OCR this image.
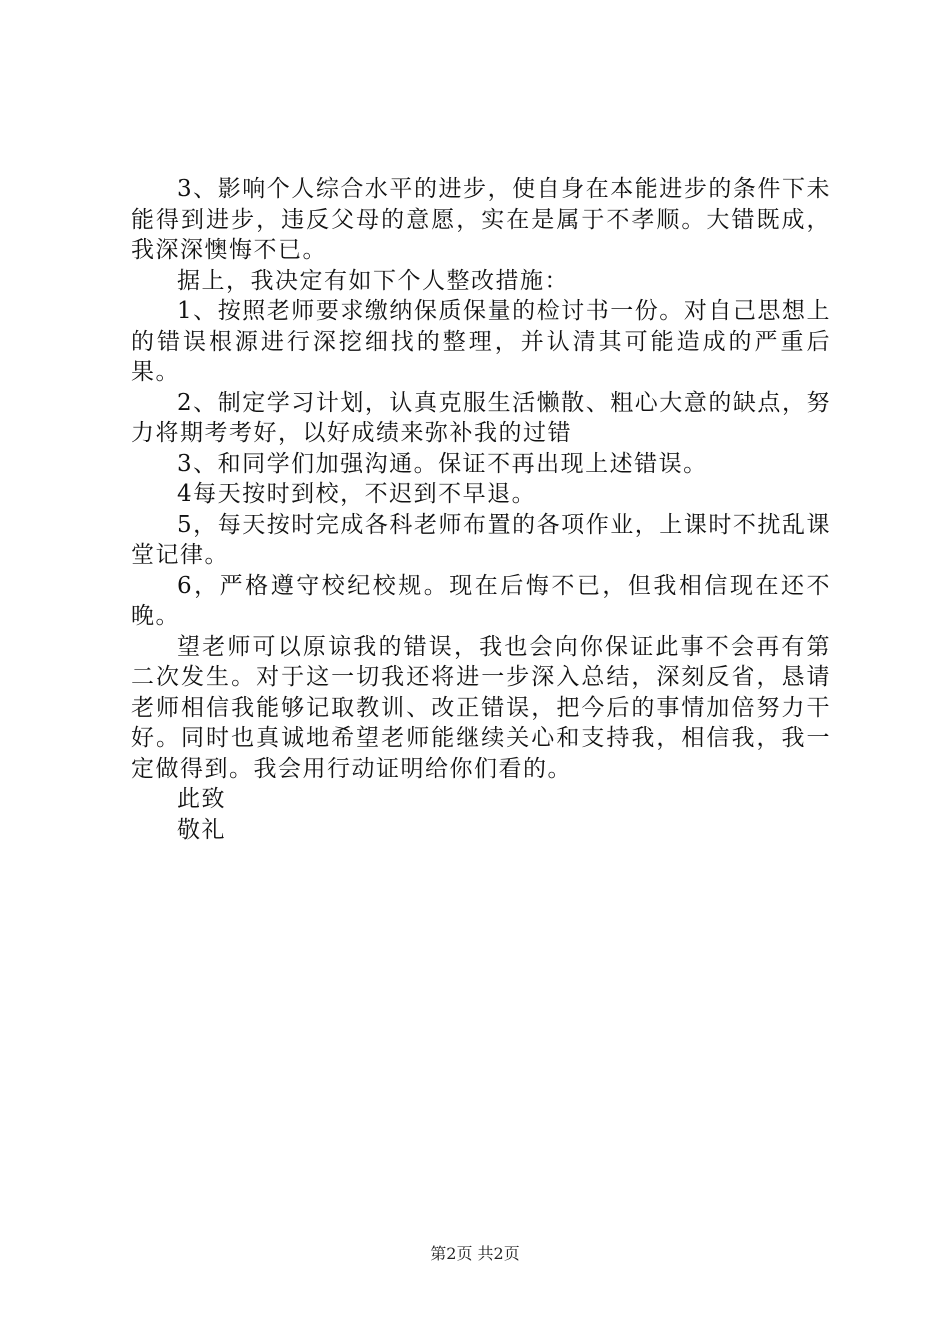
3、影响个人综合水平的进步，使自身在本能进步的条件下未能得到进步，违反父母的意愿，实在是属于不孝顺。大错既成，我深深懊悔不已。

据上，我决定有如下个人整改措施：

1、按照老师要求缴纳保质保量的检讨书一份。对自己思想上的错误根源进行深挖细找的整理，并认清其可能造成的严重后果。

2、制定学习计划，认真克服生活懒散、粗心大意的缺点，努力将期考考好，以好成绩来弥补我的过错

3、和同学们加强沟通。保证不再出现上述错误。

4每天按时到校，不迟到不早退。

5，每天按时完成各科老师布置的各项作业，上课时不扰乱课堂记律。

6，严格遵守校纪校规。现在后悔不已，但我相信现在还不晚。

望老师可以原谅我的错误，我也会向你保证此事不会再有第二次发生。对于这一切我还将进一步深入总结，深刻反省，恳请老师相信我能够记取教训、改正错误，把今后的事情加倍努力干好。同时也真诚地希望老师能继续关心和支持我，相信我，我一定做得到。我会用行动证明给你们看的。

此致

敬礼

第2页 共2页
